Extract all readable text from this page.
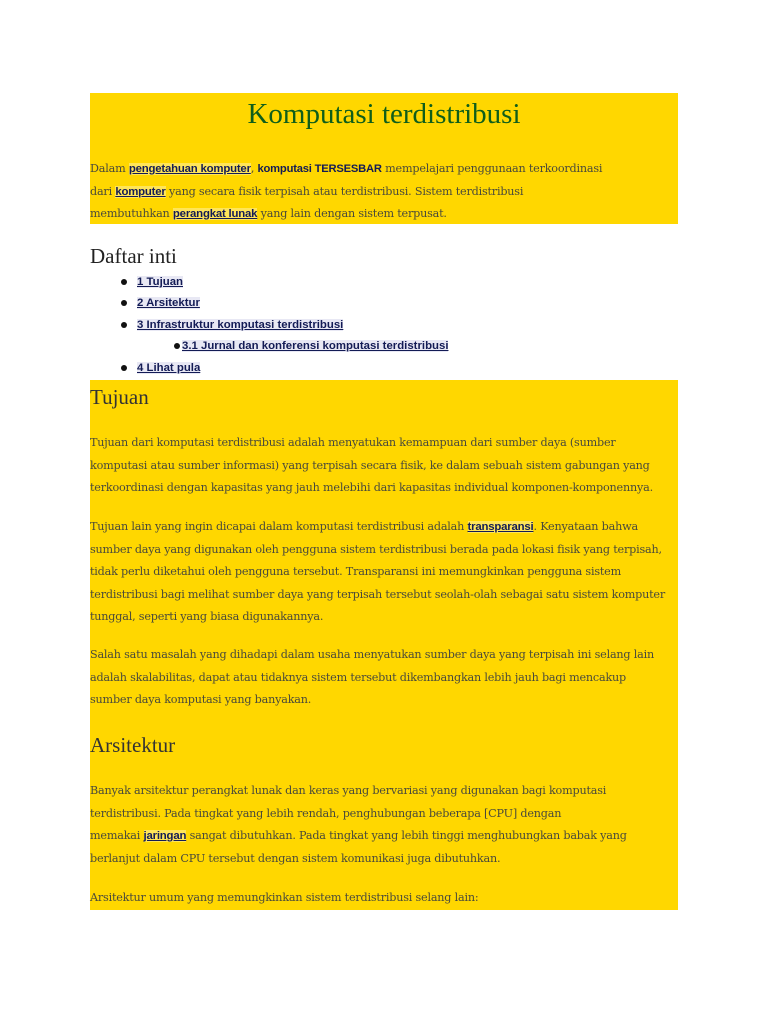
Komputasi terdistribusi
Dalam pengetahuan komputer, komputasi TERSESBAR mempelajari penggunaan terkoordinasi
dari komputer yang secara fisik terpisah atau terdistribusi. Sistem terdistribusi
membutuhkan perangkat lunak yang lain dengan sistem terpusat.
Daftar inti
1 Tujuan
2 Arsitektur
3 Infrastruktur komputasi terdistribusi
3.1 Jurnal dan konferensi komputasi terdistribusi
4 Lihat pula
Tujuan
Tujuan dari komputasi terdistribusi adalah menyatukan kemampuan dari sumber daya (sumber
komputasi atau sumber informasi) yang terpisah secara fisik, ke dalam sebuah sistem gabungan yang
terkoordinasi dengan kapasitas yang jauh melebihi dari kapasitas individual komponen-komponennya.
Tujuan lain yang ingin dicapai dalam komputasi terdistribusi adalah transparansi. Kenyataan bahwa
sumber daya yang digunakan oleh pengguna sistem terdistribusi berada pada lokasi fisik yang terpisah,
tidak perlu diketahui oleh pengguna tersebut. Transparansi ini memungkinkan pengguna sistem
terdistribusi bagi melihat sumber daya yang terpisah tersebut seolah-olah sebagai satu sistem komputer
tunggal, seperti yang biasa digunakannya.
Salah satu masalah yang dihadapi dalam usaha menyatukan sumber daya yang terpisah ini selang lain
adalah skalabilitas, dapat atau tidaknya sistem tersebut dikembangkan lebih jauh bagi mencakup
sumber daya komputasi yang banyakan.
Arsitektur
Banyak arsitektur perangkat lunak dan keras yang bervariasi yang digunakan bagi komputasi
terdistribusi. Pada tingkat yang lebih rendah, penghubungan beberapa [CPU] dengan
memakai jaringan sangat dibutuhkan. Pada tingkat yang lebih tinggi menghubungkan babak yang
berlanjut dalam CPU tersebut dengan sistem komunikasi juga dibutuhkan.
Arsitektur umum yang memungkinkan sistem terdistribusi selang lain:
